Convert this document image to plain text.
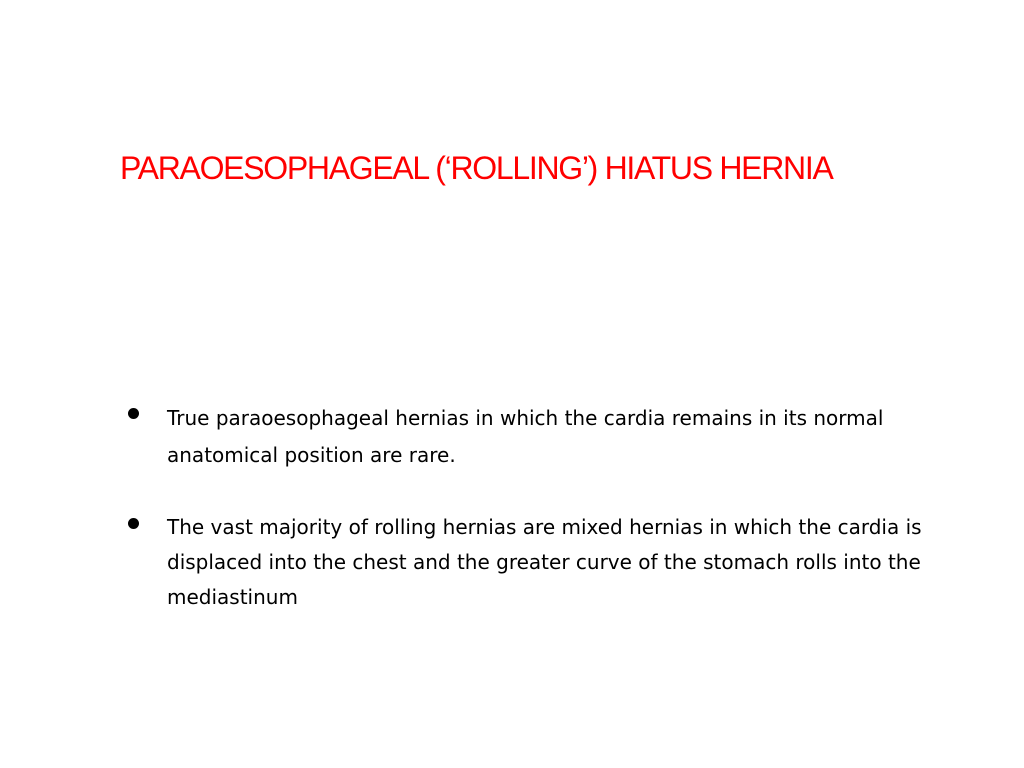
PARAOESOPHAGEAL (‘ROLLING’) HIATUS HERNIA
True paraoesophageal hernias in which the cardia remains in its normal anatomical position are rare.
The vast majority of rolling hernias are mixed hernias in which the cardia is displaced into the chest and the greater curve of the stomach rolls into the mediastinum
